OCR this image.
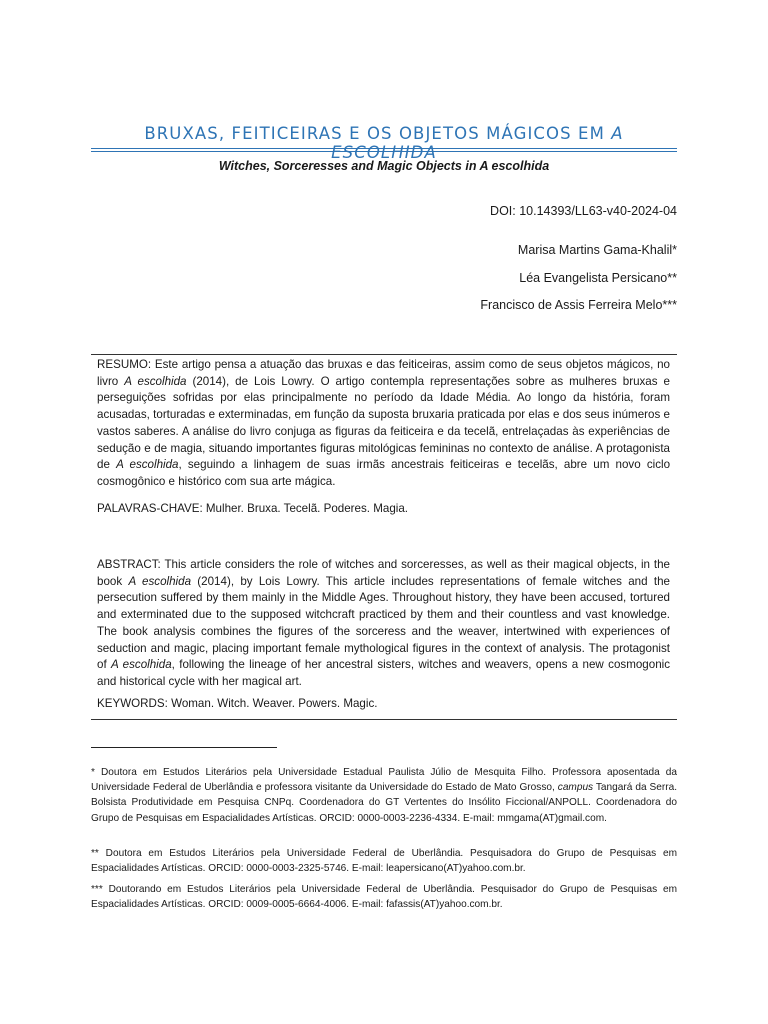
BRUXAS, FEITICEIRAS E OS OBJETOS MÁGICOS EM A ESCOLHIDA
Witches, Sorceresses and Magic Objects in A escolhida
DOI: 10.14393/LL63-v40-2024-04
Marisa Martins Gama-Khalil*
Léa Evangelista Persicano**
Francisco de Assis Ferreira Melo***

RESUMO: Este artigo pensa a atuação das bruxas e das feiticeiras, assim como de seus objetos mágicos, no livro A escolhida (2014), de Lois Lowry. O artigo contempla representações sobre as mulheres bruxas e perseguições sofridas por elas principalmente no período da Idade Média. Ao longo da história, foram acusadas, torturadas e exterminadas, em função da suposta bruxaria praticada por elas e dos seus inúmeros e vastos saberes. A análise do livro conjuga as figuras da feiticeira e da tecelã, entrelaçadas às experiências de sedução e de magia, situando importantes figuras mitológicas femininas no contexto de análise. A protagonista de A escolhida, seguindo a linhagem de suas irmãs ancestrais feiticeiras e tecelãs, abre um novo ciclo cosmogônico e histórico com sua arte mágica.

PALAVRAS-CHAVE: Mulher. Bruxa. Tecelã. Poderes. Magia.

ABSTRACT: This article considers the role of witches and sorceresses, as well as their magical objects, in the book A escolhida (2014), by Lois Lowry. This article includes representations of female witches and the persecution suffered by them mainly in the Middle Ages. Throughout history, they have been accused, tortured and exterminated due to the supposed witchcraft practiced by them and their countless and vast knowledge. The book analysis combines the figures of the sorceress and the weaver, intertwined with experiences of seduction and magic, placing important female mythological figures in the context of analysis. The protagonist of A escolhida, following the lineage of her ancestral sisters, witches and weavers, opens a new cosmogonic and historical cycle with her magical art.

KEYWORDS: Woman. Witch. Weaver. Powers. Magic.

* Doutora em Estudos Literários pela Universidade Estadual Paulista Júlio de Mesquita Filho. Professora aposentada da Universidade Federal de Uberlândia e professora visitante da Universidade do Estado de Mato Grosso, campus Tangará da Serra. Bolsista Produtividade em Pesquisa CNPq. Coordenadora do GT Vertentes do Insólito Ficcional/ANPOLL. Coordenadora do Grupo de Pesquisas em Espacialidades Artísticas. ORCID: 0000-0003-2236-4334. E-mail: mmgama(AT)gmail.com.

** Doutora em Estudos Literários pela Universidade Federal de Uberlândia. Pesquisadora do Grupo de Pesquisas em Espacialidades Artísticas. ORCID: 0000-0003-2325-5746. E-mail: leapersicano(AT)yahoo.com.br.

*** Doutorando em Estudos Literários pela Universidade Federal de Uberlândia. Pesquisador do Grupo de Pesquisas em Espacialidades Artísticas. ORCID: 0009-0005-6664-4006. E-mail: fafassis(AT)yahoo.com.br.
